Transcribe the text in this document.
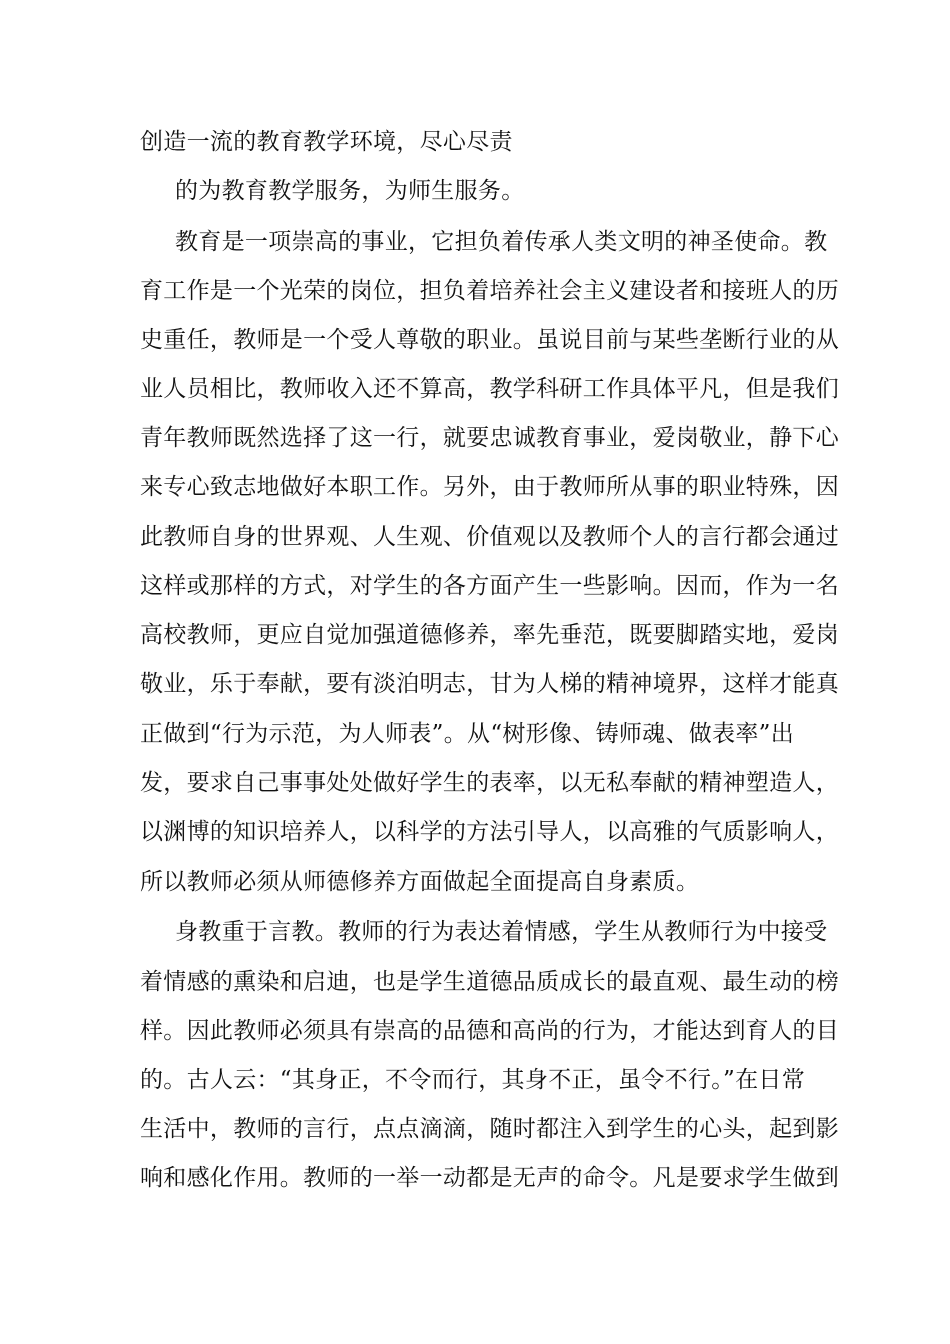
创造一流的教育教学环境，尽心尽责

的为教育教学服务，为师生服务。

教育是一项崇高的事业，它担负着传承人类文明的神圣使命。教

育工作是一个光荣的岗位，担负着培养社会主义建设者和接班人的历

史重任，教师是一个受人尊敬的职业。虽说目前与某些垄断行业的从

业人员相比，教师收入还不算高，教学科研工作具体平凡，但是我们

青年教师既然选择了这一行，就要忠诚教育事业，爱岗敬业，静下心

来专心致志地做好本职工作。另外，由于教师所从事的职业特殊，因

此教师自身的世界观、人生观、价值观以及教师个人的言行都会通过

这样或那样的方式，对学生的各方面产生一些影响。因而，作为一名

高校教师，更应自觉加强道德修养，率先垂范，既要脚踏实地，爱岗

敬业，乐于奉献，要有淡泊明志，甘为人梯的精神境界，这样才能真

正做到“行为示范，为人师表”。从“树形像、铸师魂、做表率”出

发，要求自己事事处处做好学生的表率，以无私奉献的精神塑造人，

以渊博的知识培养人，以科学的方法引导人，以高雅的气质影响人，

所以教师必须从师德修养方面做起全面提高自身素质。

身教重于言教。教师的行为表达着情感，学生从教师行为中接受

着情感的熏染和启迪，也是学生道德品质成长的最直观、最生动的榜

样。因此教师必须具有崇高的品德和高尚的行为，才能达到育人的目

的。古人云：“其身正，不令而行，其身不正，虽令不行。”在日常

生活中，教师的言行，点点滴滴，随时都注入到学生的心头，起到影

响和感化作用。教师的一举一动都是无声的命令。凡是要求学生做到
